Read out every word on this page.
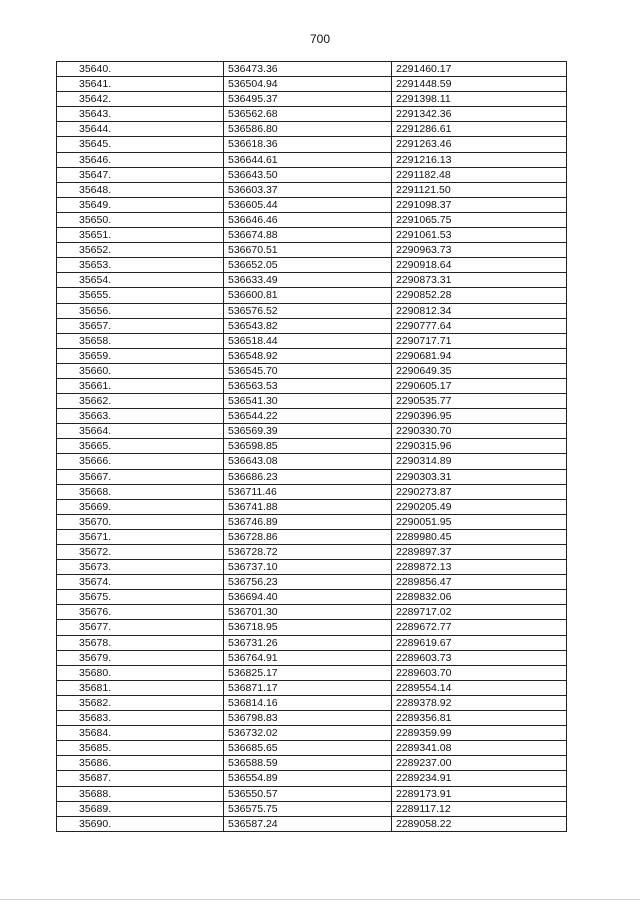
700
35640.	536473.36	2291460.17
35641.	536504.94	2291448.59
35642.	536495.37	2291398.11
35643.	536562.68	2291342.36
35644.	536586.80	2291286.61
35645.	536618.36	2291263.46
35646.	536644.61	2291216.13
35647.	536643.50	2291182.48
35648.	536603.37	2291121.50
35649.	536605.44	2291098.37
35650.	536646.46	2291065.75
35651.	536674.88	2291061.53
35652.	536670.51	2290963.73
35653.	536652.05	2290918.64
35654.	536633.49	2290873.31
35655.	536600.81	2290852.28
35656.	536576.52	2290812.34
35657.	536543.82	2290777.64
35658.	536518.44	2290717.71
35659.	536548.92	2290681.94
35660.	536545.70	2290649.35
35661.	536563.53	2290605.17
35662.	536541.30	2290535.77
35663.	536544.22	2290396.95
35664.	536569.39	2290330.70
35665.	536598.85	2290315.96
35666.	536643.08	2290314.89
35667.	536686.23	2290303.31
35668.	536711.46	2290273.87
35669.	536741.88	2290205.49
35670.	536746.89	2290051.95
35671.	536728.86	2289980.45
35672.	536728.72	2289897.37
35673.	536737.10	2289872.13
35674.	536756.23	2289856.47
35675.	536694.40	2289832.06
35676.	536701.30	2289717.02
35677.	536718.95	2289672.77
35678.	536731.26	2289619.67
35679.	536764.91	2289603.73
35680.	536825.17	2289603.70
35681.	536871.17	2289554.14
35682.	536814.16	2289378.92
35683.	536798.83	2289356.81
35684.	536732.02	2289359.99
35685.	536685.65	2289341.08
35686.	536588.59	2289237.00
35687.	536554.89	2289234.91
35688.	536550.57	2289173.91
35689.	536575.75	2289117.12
35690.	536587.24	2289058.22
